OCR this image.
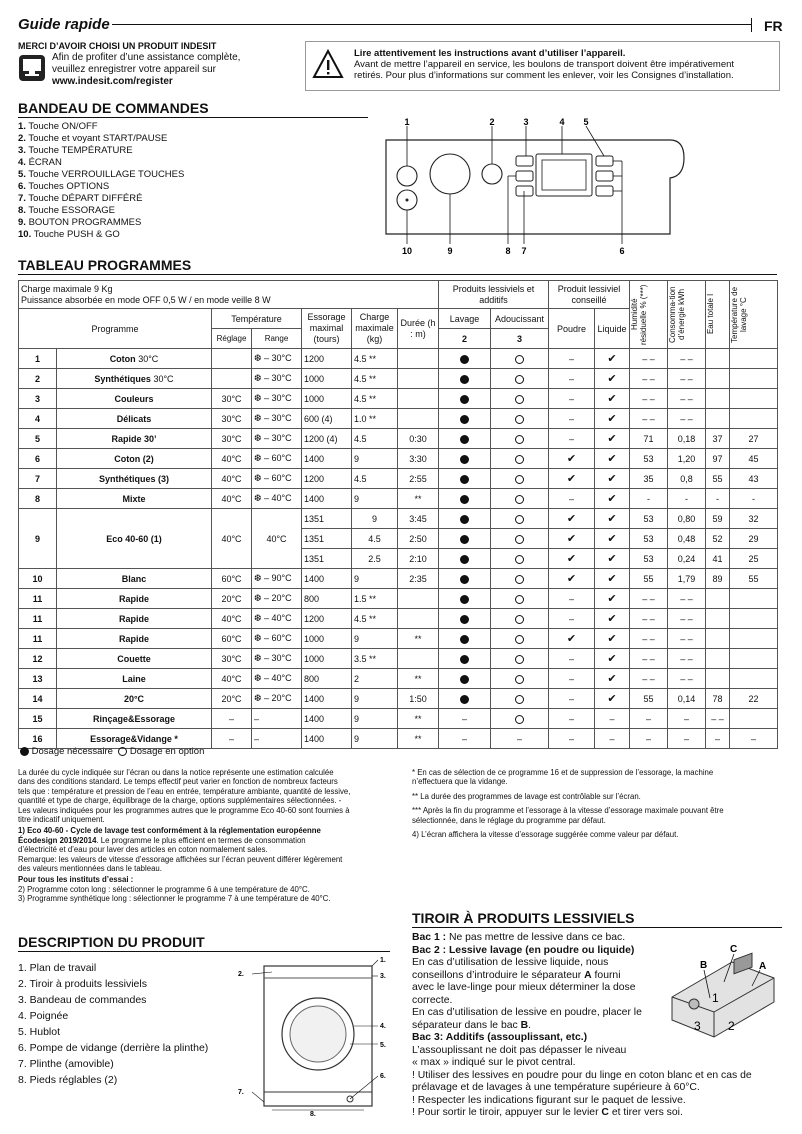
Guide rapide	FR
MERCI D’AVOIR CHOISI UN PRODUIT INDESIT
Afin de profiter d’une assistance complète,
veuillez enregistrer votre appareil sur
www.indesit.com/register
Lire attentivement les instructions avant d’utiliser l’appareil.
Avant de mettre l’appareil en service, les boulons de transport doivent être impérativement
retirés. Pour plus d’informations sur comment les enlever, voir les Consignes d’installation.
BANDEAU DE COMMANDES
1. Touche ON/OFF
2. Touche et voyant START/PAUSE
3. Touche TEMPÉRATURE
4. ÉCRAN
5. Touche VERROUILLAGE TOUCHES
6. Touches OPTIONS
7. Touche DÉPART DIFFÉRÉ
8. Touche ESSORAGE
9. BOUTON PROGRAMMES
10. Touche PUSH & GO
1	2	3	4 5
10	9	8 7	6
TABLEAU PROGRAMMES
Charge maximale 9 Kg
Puissance absorbée en mode OFF 0,5 W / en mode veille 8 W							Produits lessiviels et additifs		Produit lessiviel conseillé		Humidité résiduelle % (***)	Consomma-tion d’énergie kWh	Eau totale l	Température de lavage °C

Programme		Température		Essorage maximal (tours)	Charge maximale (kg)	Durée (h : m)	Lavage	Adoucissant	Poudre	Liquide				
		Réglage	Range				2	3						
1	Coton 30°C		❆ – 30°C	1200	4.5 **				–	✔	– –	– –		
2	Synthétiques 30°C		❆ – 30°C	1000	4.5 **				–	✔	– –	– –		
3	Couleurs	30°C	❆ – 30°C	1000	4.5 **				–	✔	– –	– –		
4	Délicats	30°C	❆ – 30°C	600 (4)	1.0 **				–	✔	– –	– –		
5	Rapide 30’	30°C	❆ – 30°C	1200 (4)	4.5	0:30			–	✔	71	0,18	37	27
6	Coton (2)	40°C	❆ – 60°C	1400	9	3:30			✔	✔	53	1,20	97	45
7	Synthétiques (3)	40°C	❆ – 60°C	1200	4.5	2:55			✔	✔	35	0,8	55	43
8	Mixte	40°C	❆ – 40°C	1400	9	**			–	✔	-	-	-	-
9	Eco 40-60 (1)	40°C	40°C	1351	9	3:45			✔	✔	53	0,80	59	32
				1351	4.5	2:50			✔	✔	53	0,48	52	29
				1351	2.5	2:10			✔	✔	53	0,24	41	25
10	Blanc	60°C	❆ – 90°C	1400	9	2:35			✔	✔	55	1,79	89	55
11	Rapide	20°C	❆ – 20°C	800	1.5 **				–	✔	– –	– –		
11	Rapide	40°C	❆ – 40°C	1200	4.5 **				–	✔	– –	– –		
11	Rapide	60°C	❆ – 60°C	1000	9	**			✔	✔	– –	– –		
12	Couette	30°C	❆ – 30°C	1000	3.5 **				–	✔	– –	– –		
13	Laine	40°C	❆ – 40°C	800	2	**			–	✔	– –	– –		
14	20°C	20°C	❆ – 20°C	1400	9	1:50			–	✔	55	0,14	78	22
15	Rinçage&Essorage	–	–	1400	9	**	–		–	–	–	–	– –	
16	Essorage&Vidange *	–	–	1400	9	**	–	–	–	–	–	–	–	–
Dosage nécessaire Dosage en option
La durée du cycle indiquée sur l’écran ou dans la notice représente une estimation calculée
dans des conditions standard. Le temps effectif peut varier en fonction de nombreux facteurs
tels que : température et pression de l’eau en entrée, température ambiante, quantité de lessive,
quantité et type de charge, équilibrage de la charge, options supplémentaires sélectionnées. -
Les valeurs indiquées pour les programmes autres que le programme Eco 40-60 sont fournies à
titre indicatif uniquement.
1) Eco 40-60 - Cycle de lavage test conformément à la réglementation européenne
Écodesign 2019/2014. Le programme le plus efficient en termes de consommation
d’électricité et d’eau pour laver des articles en coton normalement sales.
Remarque: les valeurs de vitesse d’essorage affichées sur l’écran peuvent différer légèrement
des valeurs mentionnées dans le tableau.
Pour tous les instituts d’essai :
2) Programme coton long : sélectionner le programme 6 à une température de 40°C.
3) Programme synthétique long : sélectionner le programme 7 à une température de 40°C.
* En cas de sélection de ce programme 16 et de suppression de l’essorage, la machine
n’effectuera que la vidange.
** La durée des programmes de lavage est contrôlable sur l’écran.
*** Après la fin du programme et l’essorage à la vitesse d’essorage maximale pouvant être
sélectionnée, dans le réglage du programme par défaut.
4) L’écran affichera la vitesse d’essorage suggérée comme valeur par défaut.
TIROIR À PRODUITS LESSIVIELS
Bac 1 : Ne pas mettre de lessive dans ce bac.
Bac 2 : Lessive lavage (en poudre ou liquide)
En cas d’utilisation de lessive liquide, nous
conseillons d’introduire le séparateur A fourni
avec le lave-linge pour mieux déterminer la dose
correcte.
En cas d’utilisation de lessive en poudre, placer le
séparateur dans le bac B.
Bac 3: Additifs (assouplissant, etc.)
L’assouplissant ne doit pas dépasser le niveau
« max » indiqué sur le pivot central.
! Utiliser des lessives en poudre pour du linge en coton blanc et en cas de
prélavage et de lavages à une température supérieure à 60°C.
! Respecter les indications figurant sur le paquet de lessive.
! Pour sortir le tiroir, appuyer sur le levier C et tirer vers soi.
B
C
A
1
2
3
DESCRIPTION DU PRODUIT
1. Plan de travail
2. Tiroir à produits lessiviels
3. Bandeau de commandes
4. Poignée
5. Hublot
6. Pompe de vidange (derrière la plinthe)
7. Plinthe (amovible)
8. Pieds réglables (2)
1.
2.	3.
4.
5.
6.
7.
8.
